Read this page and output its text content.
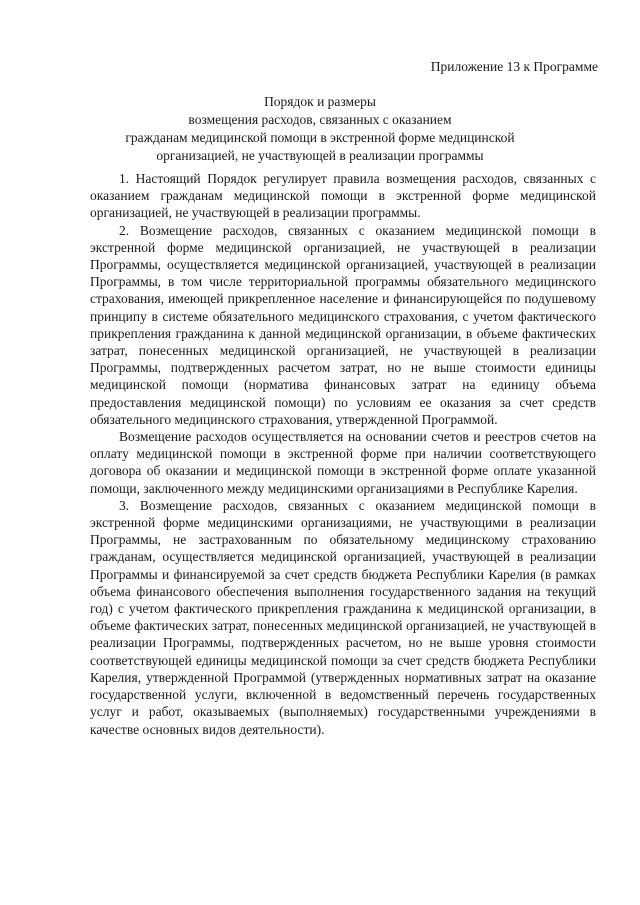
Приложение 13 к Программе
Порядок и размеры
возмещения расходов, связанных с оказанием
гражданам медицинской помощи в экстренной форме медицинской
организацией, не участвующей в реализации программы

1. Настоящий Порядок регулирует правила возмещения расходов, связанных с оказанием гражданам медицинской помощи в экстренной форме медицинской организацией, не участвующей в реализации программы.

2. Возмещение расходов, связанных с оказанием медицинской помощи в экстренной форме медицинской организацией, не участвующей в реализации Программы, осуществляется медицинской организацией, участвующей в реализации Программы, в том числе территориальной программы обязательного медицинского страхования, имеющей прикрепленное население и финансирующейся по подушевому принципу в системе обязательного медицинского страхования, с учетом фактического прикрепления гражданина к данной медицинской организации, в объеме фактических затрат, понесенных медицинской организацией, не участвующей в реализации Программы, подтвержденных расчетом затрат, но не выше стоимости единицы медицинской помощи (норматива финансовых затрат на единицу объема предоставления медицинской помощи) по условиям ее оказания за счет средств обязательного медицинского страхования, утвержденной Программой.

Возмещение расходов осуществляется на основании счетов и реестров счетов на оплату медицинской помощи в экстренной форме при наличии соответствующего договора об оказании и медицинской помощи в экстренной форме оплате указанной помощи, заключенного между медицинскими организациями в Республике Карелия.

3. Возмещение расходов, связанных с оказанием медицинской помощи в экстренной форме медицинскими организациями, не участвующими в реализации Программы, не застрахованным по обязательному медицинскому страхованию гражданам, осуществляется медицинской организацией, участвующей в реализации Программы и финансируемой за счет средств бюджета Республики Карелия (в рамках объема финансового обеспечения выполнения государственного задания на текущий год) с учетом фактического прикрепления гражданина к медицинской организации, в объеме фактических затрат, понесенных медицинской организацией, не участвующей в реализации Программы, подтвержденных расчетом, но не выше уровня стоимости соответствующей единицы медицинской помощи за счет средств бюджета Республики Карелия, утвержденной Программой (утвержденных нормативных затрат на оказание государственной услуги, включенной в ведомственный перечень государственных услуг и работ, оказываемых (выполняемых) государственными учреждениями в качестве основных видов деятельности).
